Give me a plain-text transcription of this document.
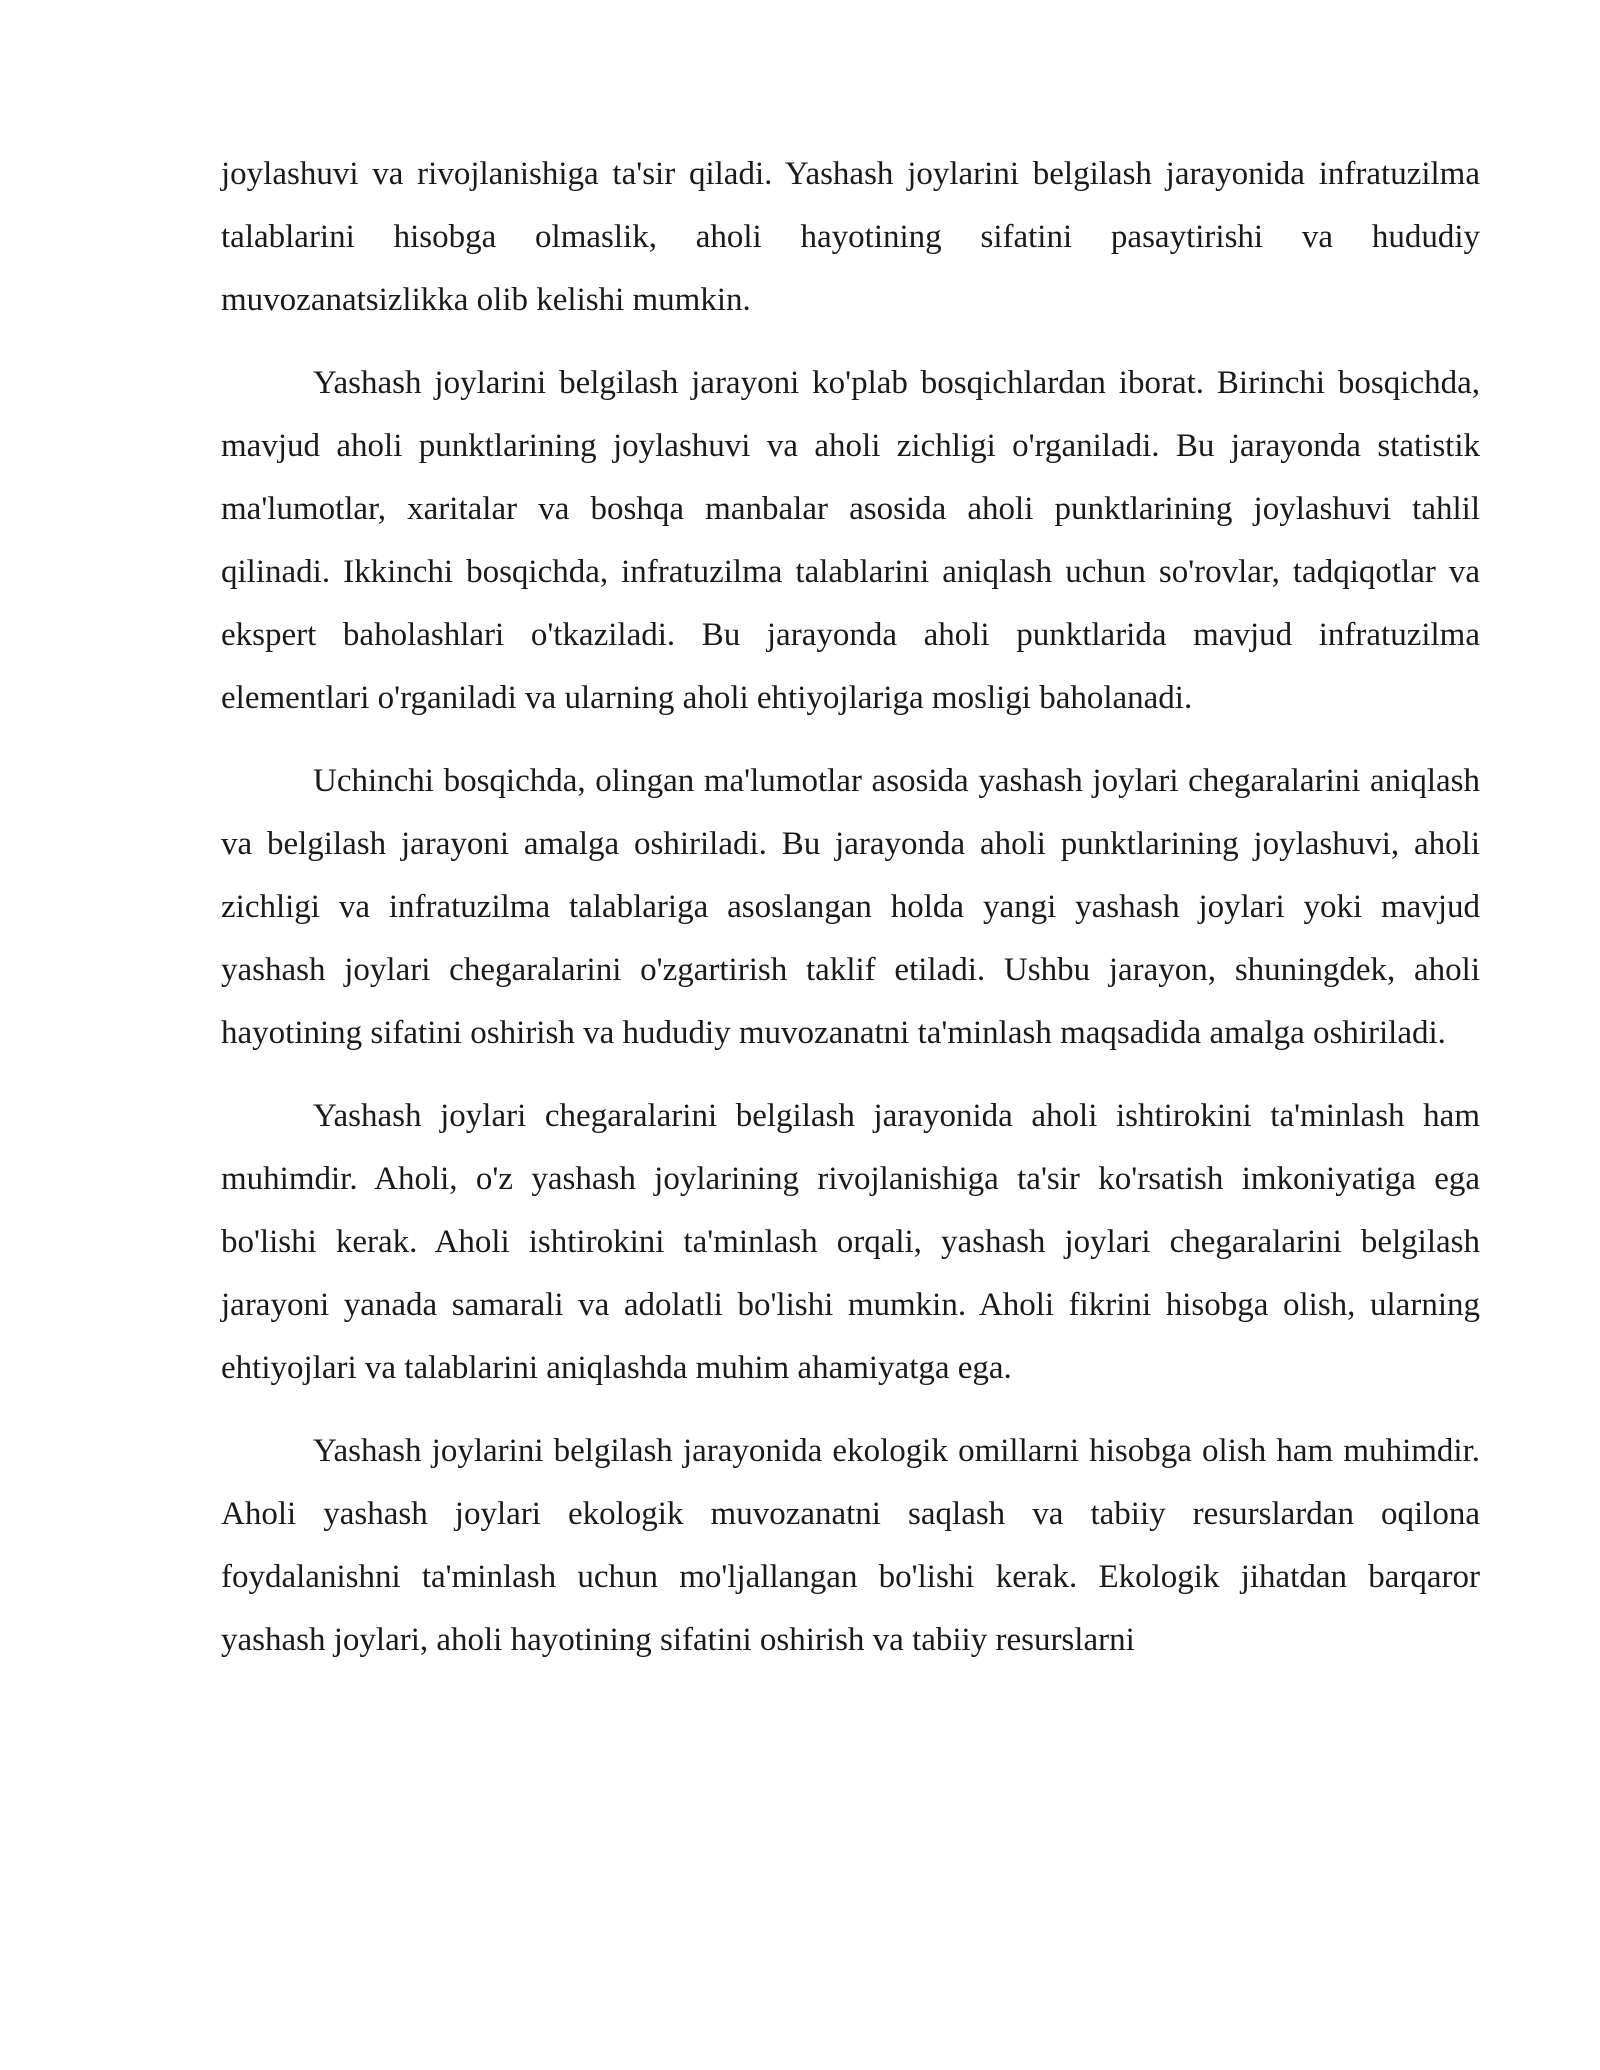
joylashuvi va rivojlanishiga ta'sir qiladi. Yashash joylarini belgilash jarayonida infratuzilma talablarini hisobga olmaslik, aholi hayotining sifatini pasaytirishi va hududiy muvozanatsizlikka olib kelishi mumkin.

Yashash joylarini belgilash jarayoni ko'plab bosqichlardan iborat. Birinchi bosqichda, mavjud aholi punktlarining joylashuvi va aholi zichligi o'rganiladi. Bu jarayonda statistik ma'lumotlar, xaritalar va boshqa manbalar asosida aholi punktlarining joylashuvi tahlil qilinadi. Ikkinchi bosqichda, infratuzilma talablarini aniqlash uchun so'rovlar, tadqiqotlar va ekspert baholashlari o'tkaziladi. Bu jarayonda aholi punktlarida mavjud infratuzilma elementlari o'rganiladi va ularning aholi ehtiyojlariga mosligi baholanadi.

Uchinchi bosqichda, olingan ma'lumotlar asosida yashash joylari chegaralarini aniqlash va belgilash jarayoni amalga oshiriladi. Bu jarayonda aholi punktlarining joylashuvi, aholi zichligi va infratuzilma talablariga asoslangan holda yangi yashash joylari yoki mavjud yashash joylari chegaralarini o'zgartirish taklif etiladi. Ushbu jarayon, shuningdek, aholi hayotining sifatini oshirish va hududiy muvozanatni ta'minlash maqsadida amalga oshiriladi.

Yashash joylari chegaralarini belgilash jarayonida aholi ishtirokini ta'minlash ham muhimdir. Aholi, o'z yashash joylarining rivojlanishiga ta'sir ko'rsatish imkoniyatiga ega bo'lishi kerak. Aholi ishtirokini ta'minlash orqali, yashash joylari chegaralarini belgilash jarayoni yanada samarali va adolatli bo'lishi mumkin. Aholi fikrini hisobga olish, ularning ehtiyojlari va talablarini aniqlashda muhim ahamiyatga ega.

Yashash joylarini belgilash jarayonida ekologik omillarni hisobga olish ham muhimdir. Aholi yashash joylari ekologik muvozanatni saqlash va tabiiy resurslardan oqilona foydalanishni ta'minlash uchun mo'ljallangan bo'lishi kerak. Ekologik jihatdan barqaror yashash joylari, aholi hayotining sifatini oshirish va tabiiy resurslarni
